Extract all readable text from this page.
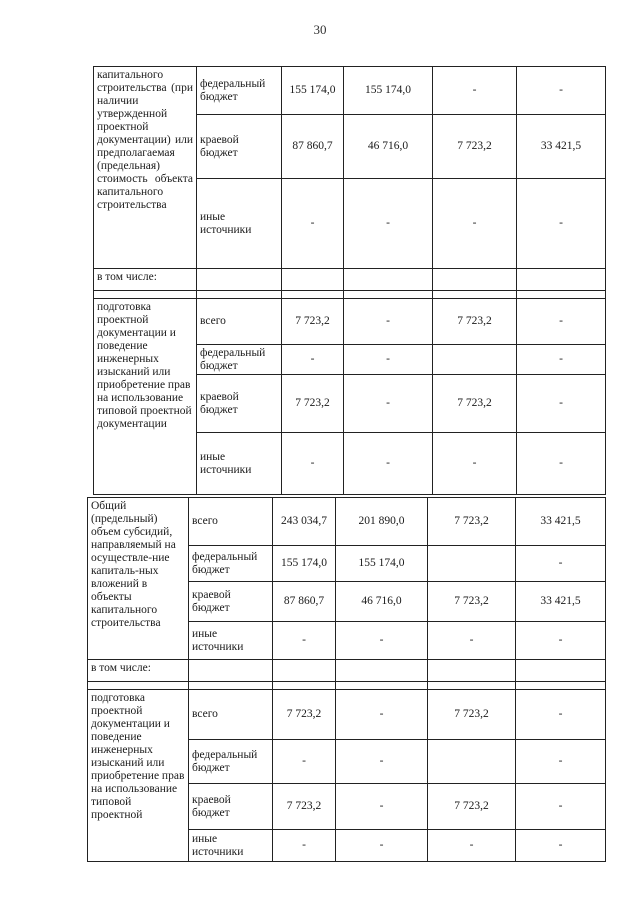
30
капитального строительства (при наличии утвержденной проектной документации) или предполагаемая (предельная) стоимость объекта капитального строительства	федеральный бюджет	155 174,0	155 174,0	-	-
	краевой бюджет	87 860,7	46 716,0	7 723,2	33 421,5
	иные источники	-	-	-	-
в том числе:					

подготовка проектной документации и поведение инженерных изысканий или приобретение прав на использование типовой проектной документации	всего	7 723,2	-	7 723,2	-
	федеральный бюджет	-	-		-
	краевой бюджет	7 723,2	-	7 723,2	-
	иные источники	-	-	-	-
Общий (предельный) объем субсидий, направляемый на осуществле-ние капиталь-ных вложений в объекты капитального строительства	всего	243 034,7	201 890,0	7 723,2	33 421,5
	федеральный бюджет	155 174,0	155 174,0		-
	краевой бюджет	87 860,7	46 716,0	7 723,2	33 421,5
	иные источники	-	-	-	-
в том числе:					

подготовка проектной документации и поведение инженерных изысканий или приобретение прав на использование типовой проектной	всего	7 723,2	-	7 723,2	-
	федеральный бюджет	-	-		-
	краевой бюджет	7 723,2	-	7 723,2	-
	иные источники	-	-	-	-
